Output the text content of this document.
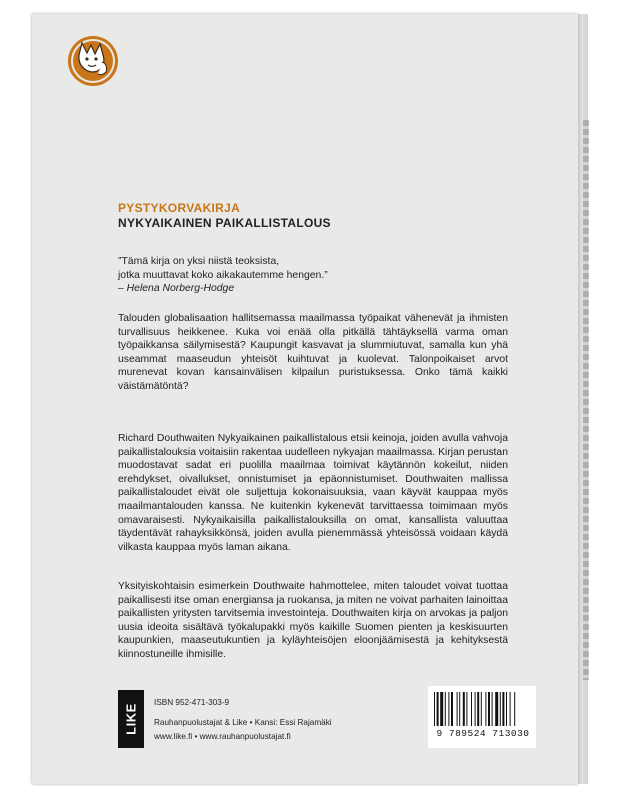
PYSTYKORVAKIRJA
NYKYAIKAINEN PAIKALLISTALOUS
”Tämä kirja on yksi niistä teoksista,
jotka muuttavat koko aikakautemme hengen.”
– Helena Norberg-Hodge
Talouden globalisaation hallitsemassa maailmassa työpaikat vähenevät ja ihmisten turvallisuus heikkenee. Kuka voi enää olla pitkällä tähtäyksellä varma oman työpaikkansa säilymisestä? Kaupungit kasvavat ja slummiutuvat, samalla kun yhä useammat maaseudun yhteisöt kuihtuvat ja kuolevat. Talonpoikaiset arvot murenevat kovan kansainvälisen kilpailun puristuksessa. Onko tämä kaikki väistämätöntä?
Richard Douthwaiten Nykyaikainen paikallistalous etsii keinoja, joiden avulla vahvoja paikallistalouksia voitaisiin rakentaa uudelleen nykyajan maailmassa. Kirjan perustan muodostavat sadat eri puolilla maailmaa toimivat käytännön kokeilut, niiden erehdykset, oivallukset, onnistumiset ja epäonnistumiset. Douthwaiten mallissa paikallistaloudet eivät ole suljettuja kokonaisuuksia, vaan käyvät kauppaa myös maailmantalouden kanssa. Ne kuitenkin kykenevät tarvittaessa toimimaan myös omavaraisesti. Nykyaikaisilla paikallistalouksilla on omat, kansallista valuuttaa täydentävät rahayksikkönsä, joiden avulla pienemmässä yhteisössä voidaan käydä vilkasta kauppaa myös laman aikana.
Yksityiskohtaisin esimerkein Douthwaite hahmottelee, miten taloudet voivat tuottaa paikallisesti itse oman energiansa ja ruokansa, ja miten ne voivat parhaiten lainoittaa paikallisten yritysten tarvitsemia investointeja. Douthwaiten kirja on arvokas ja paljon uusia ideoita sisältävä työkalupakki myös kaikille Suomen pienten ja keskisuurten kaupunkien, maaseutukuntien ja kyläyhteisöjen eloonjäämisestä ja kehityksestä kiinnostuneille ihmisille.
LIKE
ISBN 952-471-303-9
Rauhanpuolustajat & Like • Kansi: Essi Rajamäki
www.like.fi • www.rauhanpuolustajat.fi	9 789524 713030
